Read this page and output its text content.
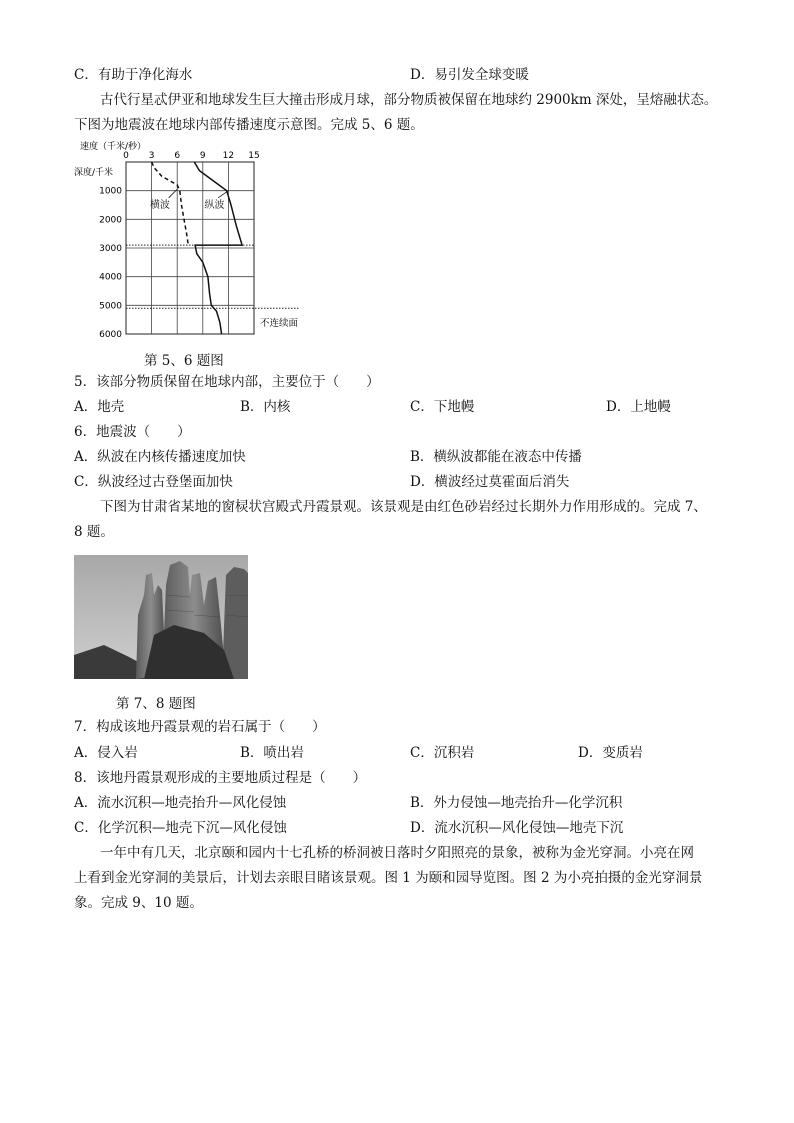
C．有助于净化海水	D．易引发全球变暖
古代行星忒伊亚和地球发生巨大撞击形成月球，部分物质被保留在地球约 2900km 深处，呈熔融状态。
下图为地震波在地球内部传播速度示意图。完成 5、6 题。
速度（千米/秒）
深度/千米
0 3 6 9 12 15
1000
2000
3000
4000
5000
6000
横波	纵波
不连续面
第 5、6 题图
5．该部分物质保留在地球内部，主要位于（　　）
A．地壳	B．内核	C．下地幔	D．上地幔
6．地震波（　　）
A．纵波在内核传播速度加快	B．横纵波都能在液态中传播
C．纵波经过古登堡面加快	D．横波经过莫霍面后消失
下图为甘肃省某地的窗棂状宫殿式丹霞景观。该景观是由红色砂岩经过长期外力作用形成的。完成 7、
8 题。
第 7、8 题图
7．构成该地丹霞景观的岩石属于（　　）
A．侵入岩	B．喷出岩	C．沉积岩	D．变质岩
8．该地丹霞景观形成的主要地质过程是（　　）
A．流水沉积—地壳抬升—风化侵蚀	B．外力侵蚀—地壳抬升—化学沉积
C．化学沉积—地壳下沉—风化侵蚀	D．流水沉积—风化侵蚀—地壳下沉
一年中有几天，北京颐和园内十七孔桥的桥洞被日落时夕阳照亮的景象，被称为金光穿洞。小亮在网
上看到金光穿洞的美景后，计划去亲眼目睹该景观。图 1 为颐和园导览图。图 2 为小亮拍摄的金光穿洞景
象。完成 9、10 题。
